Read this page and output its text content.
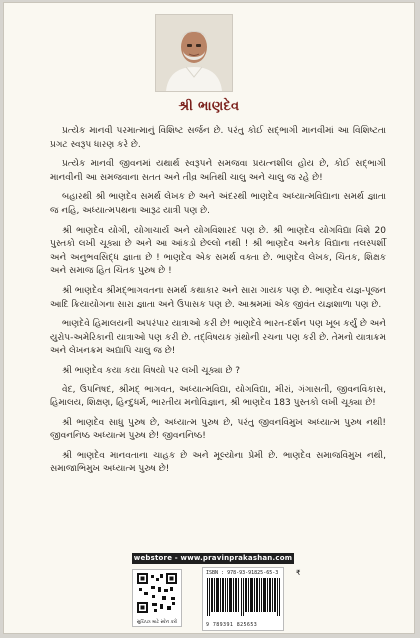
શ્રી ભાણદેવ

પ્રત્યેક માનવી પરમાત્માનું વિશિષ્ટ સર્જન છે. પરંતુ કોઈ સદ્‌ભાગી માનવીમાં આ વિશિષ્ટતા પ્રગટ સ્વરૂપ ધારણ કરે છે.

પ્રત્યેક માનવી જીવનમાં યથાર્થ સ્વરૂપને સમજવા પ્રયત્નશીલ હોય છે, કોઈ સદ્‌ભાગી માનવીની આ સમજવાના સતત અને તીવ્ર અતિથી ચાલુ અને ચાલુ જ રહે છે!

બહારથી શ્રી ભાણદેવ સમર્થ લેખક છે અને અંદરથી ભાણદેવ અધ્યાત્મવિદ્યાના સમર્થ જ્ઞાતા જ નહિ, અધ્યાત્મપથના આરૂઢ યાત્રી પણ છે.

શ્રી ભાણદેવ યોગી, યોગાચાર્ય અને યોગવિશારદ પણ છે. શ્રી ભાણદેવ યોગવિદ્યા વિશે 20 પુસ્તકો લખી ચૂક્યા છે અને આ આંકડો છેલ્લો નથી ! શ્રી ભાણદેવ અનેક વિદ્યાના તલસ્પર્શી અને અનુભવસિદ્ધ જ્ઞાતા છે ! ભાણદેવ એક સમર્થ વક્તા છે. ભાણદેવ લેખક, ચિંતક, શિક્ષક અને સમાજ હિત ચિંતક પુરુષ છે !

શ્રી ભાણદેવ શ્રીમદ્‌ભાગવતના સમર્થ કથાકાર અને સારા ગાયક પણ છે. ભાણદેવ યજ્ઞ-પૂજન આદિ ક્રિયાયોગના સારા જ્ઞાતા અને ઉપાસક પણ છે. આશ્રમમાં એક જીવંત યજ્ઞશાળા પણ છે.

ભાણદેવે હિમાલયની અપરંપાર યાત્રાઓ કરી છે! ભાણદેવે ભારત-દર્શન પણ ખૂબ કર્યું છે અને યુરોપ-અમેરિકાની યાત્રાઓ પણ કરી છે. તદ્‌વિષયક ગ્રંથોની રચના પણ કરી છે. તેમનો યાત્રાક્રમ અને લેખનક્રમ અદ્યાપિ ચાલુ જ છે!

શ્રી ભાણદેવ કયા કયા વિષયો પર લખી ચૂક્યા છે ?

વેદ, ઉપનિષદ, શ્રીમદ્ ભાગવત, અધ્યાત્મવિદ્યા, યોગવિદ્યા, મીરાં, ગંગાસતી, જીવનવિકાસ, હિમાલય, શિક્ષણ, હિન્દુધર્મ, ભારતીય મનોવિજ્ઞાન, શ્રી ભાણદેવ 183 પુસ્તકો લખી ચૂક્યા છે!

શ્રી ભાણદેવ સાધુ પુરુષ છે, અધ્યાત્મ પુરુષ છે, પરંતુ જીવનવિમુખ અધ્યાત્મ પુરુષ નથી! જીવનનિષ્ઠ અધ્યાત્મ પુરુષ છે! જીવનનિષ્ઠ!

શ્રી ભાણદેવ માનવતાના ચાહક છે અને મૂલ્યોના પ્રેમી છે. ભાણદેવ સમાજવિમુખ નથી, સમાજાભિમુખ અધ્યાત્મ પુરુષ છે!

webstore - www.pravinprakashan.com
સુચિપત્ર માટે સ્કેન કરો
ISBN : 978-93-91825-65-3
9 789391 825653
₹
